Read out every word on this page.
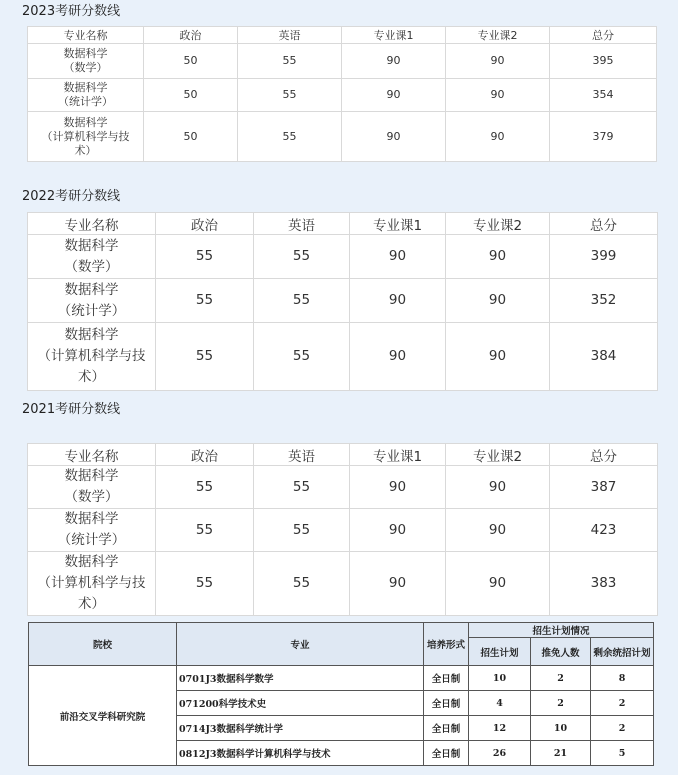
2023考研分数线
专业名称	政治	英语	专业课1	专业课2	总分

数据科学
（数学）	50	55	90	90	395

数据科学
（统计学）	50	55	90	90	354

数据科学
（计算机科学与技
术）	50	55	90	90	379
2022考研分数线
专业名称	政治	英语	专业课1	专业课2	总分

数据科学
（数学）	55	55	90	90	399

数据科学
（统计学）	55	55	90	90	352

数据科学
（计算机科学与技
术）	55	55	90	90	384
2021考研分数线
专业名称	政治	英语	专业课1	专业课2	总分

数据科学
（数学）	55	55	90	90	387

数据科学
（统计学）	55	55	90	90	423

数据科学
（计算机科学与技
术）	55	55	90	90	383
院校	专业	培养形式	招生计划情况		
			招生计划	推免人数	剩余统招计划
前沿交叉学科研究院	0701J3数据科学数学	全日制	10	2	8
	071200科学技术史	全日制	4	2	2
	0714J3数据科学统计学	全日制	12	10	2
	0812J3数据科学计算机科学与技术	全日制	26	21	5
